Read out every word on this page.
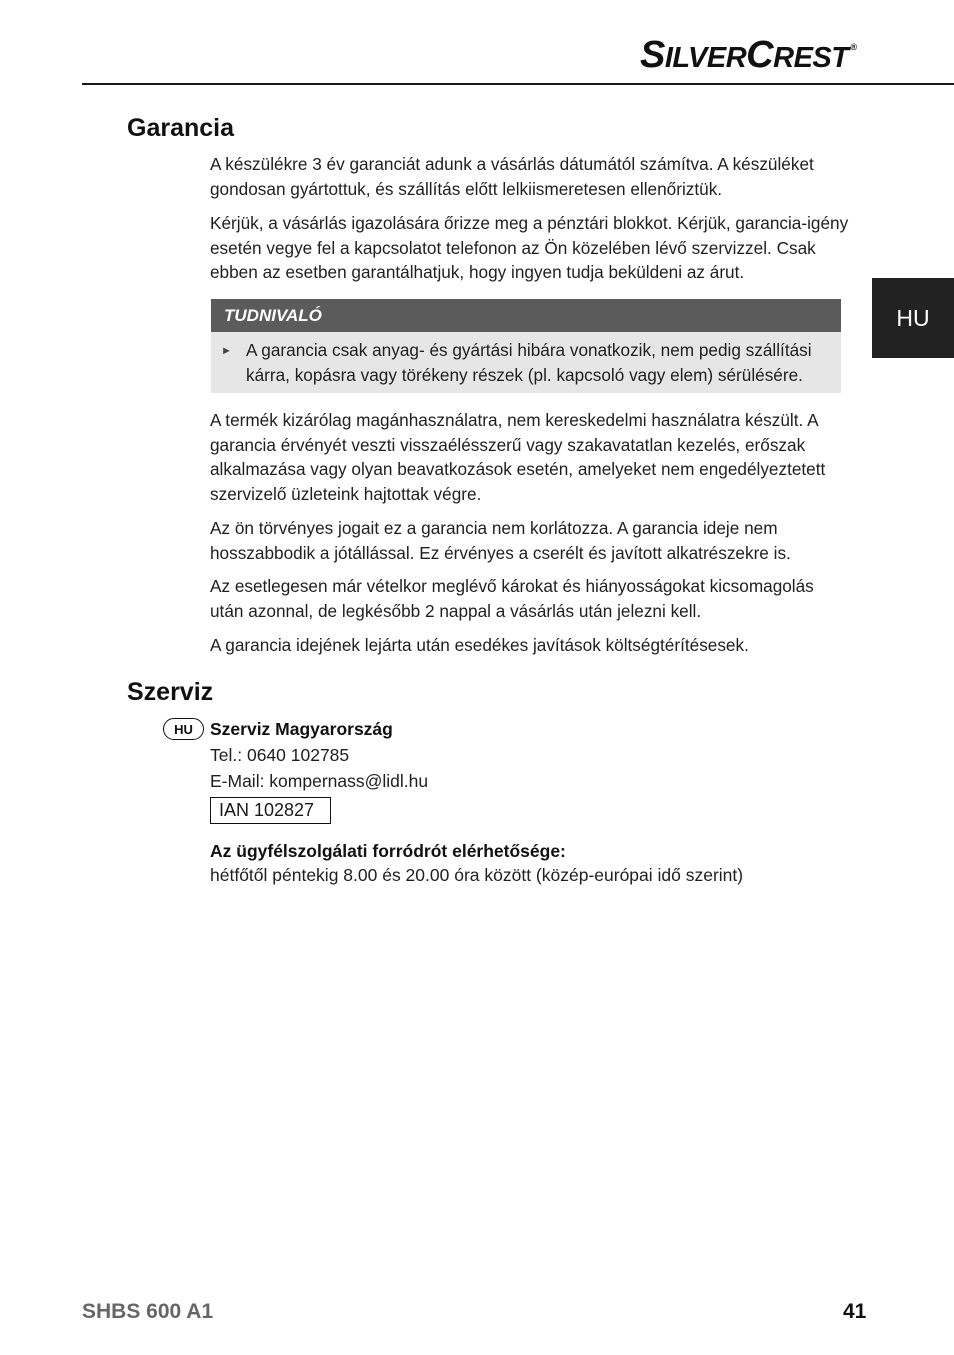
SILVERCREST ®
HU
Garancia

A készülékre 3 év garanciát adunk a vásárlás dátumától számítva. A készüléket gondosan gyártottuk, és szállítás előtt lelkiismeretesen ellenőriztük.

Kérjük, a vásárlás igazolására őrizze meg a pénztári blokkot. Kérjük, garancia-igény esetén vegye fel a kapcsolatot telefonon az Ön közelében lévő szervizzel. Csak ebben az esetben garantálhatjuk, hogy ingyen tudja beküldeni az árut.

TUDNIVALÓ
► A garancia csak anyag- és gyártási hibára vonatkozik, nem pedig szállítási kárra, kopásra vagy törékeny részek (pl. kapcsoló vagy elem) sérülésére.

A termék kizárólag magánhasználatra, nem kereskedelmi használatra készült. A garancia érvényét veszti visszaélésszerű vagy szakavatatlan kezelés, erőszak alkalmazása vagy olyan beavatkozások esetén, amelyeket nem engedélyeztetett szervizelő üzleteink hajtottak végre.

Az ön törvényes jogait ez a garancia nem korlátozza. A garancia ideje nem hosszabbodik a jótállással. Ez érvényes a cserélt és javított alkatrészekre is.

Az esetlegesen már vételkor meglévő károkat és hiányosságokat kicsomagolás után azonnal, de legkésőbb 2 nappal a vásárlás után jelezni kell.

A garancia idejének lejárta után esedékes javítások költségtérítésesek.

Szerviz
HU Szerviz Magyarország

Tel.: 0640 102785

E-Mail: kompernass@lidl.hu

IAN 102827

Az ügyfélszolgálati forródrót elérhetősége:

hétfőtől péntekig 8.00 és 20.00 óra között (közép-európai idő szerint)

SHBS 600 A1	41
